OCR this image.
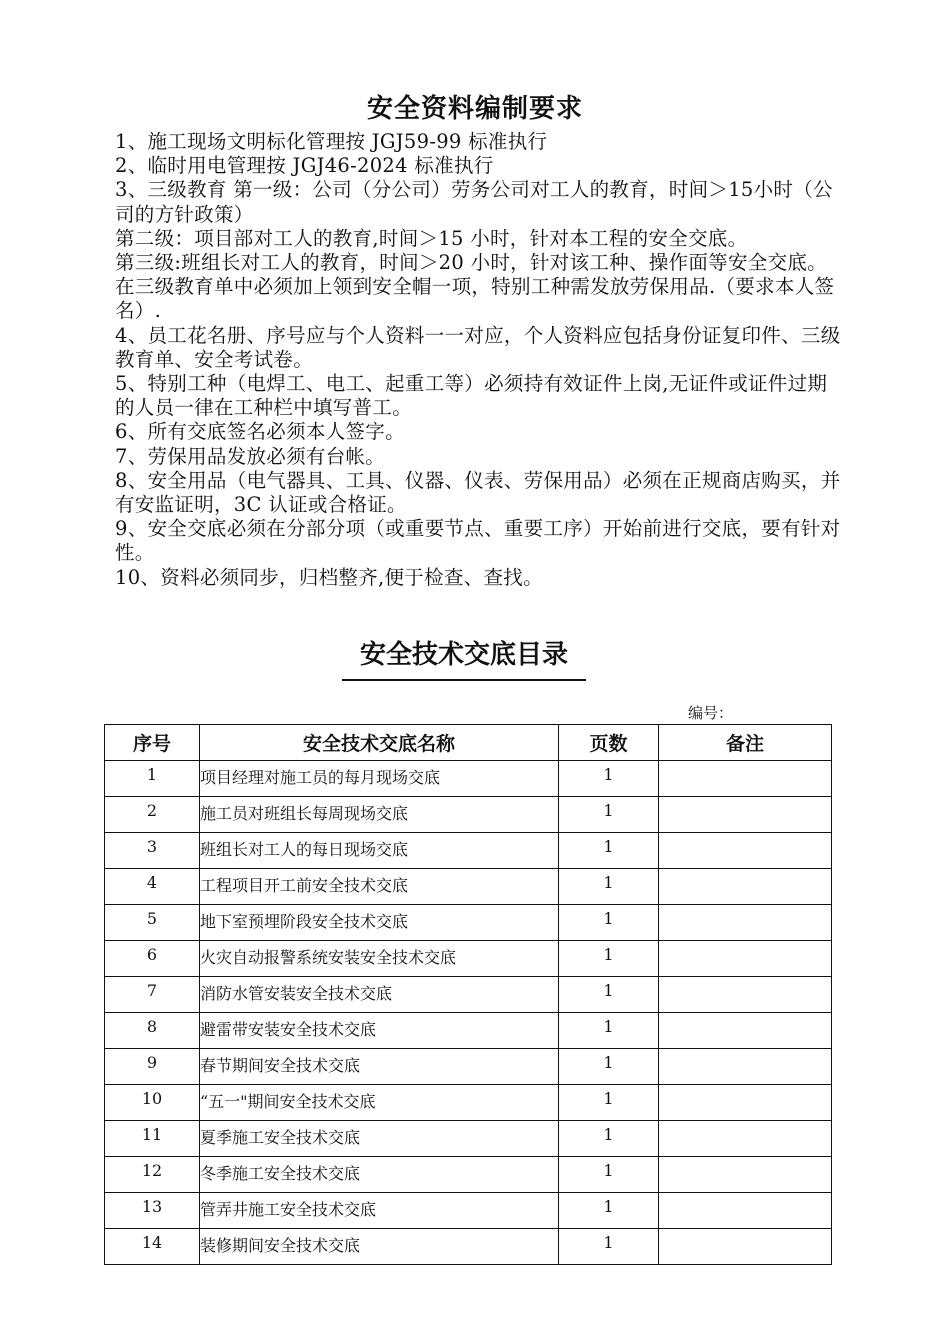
安全资料编制要求

1、施工现场文明标化管理按 JGJ59-99 标准执行

2、临时用电管理按 JGJ46-2024 标准执行

3、三级教育 第一级：公司（分公司）劳务公司对工人的教育，时间＞15小时（公司的方针政策）

第二级：项目部对工人的教育,时间＞15 小时，针对本工程的安全交底。

第三级:班组长对工人的教育，时间＞20 小时，针对该工种、操作面等安全交底。

在三级教育单中必须加上领到安全帽一项，特别工种需发放劳保用品.（要求本人签名）.

4、员工花名册、序号应与个人资料一一对应，个人资料应包括身份证复印件、三级教育单、安全考试卷。

5、特别工种（电焊工、电工、起重工等）必须持有效证件上岗,无证件或证件过期的人员一律在工种栏中填写普工。

6、所有交底签名必须本人签字。

7、劳保用品发放必须有台帐。

8、安全用品（电气器具、工具、仪器、仪表、劳保用品）必须在正规商店购买，并有安监证明，3C 认证或合格证。

9、安全交底必须在分部分项（或重要节点、重要工序）开始前进行交底，要有针对性。

10、资料必须同步，归档整齐,便于检查、查找。

安全技术交底目录
编号：
序号	安全技术交底名称	页数	备注
1	项目经理对施工员的每月现场交底	1	
2	施工员对班组长每周现场交底	1	
3	班组长对工人的每日现场交底	1	
4	工程项目开工前安全技术交底	1	
5	地下室预埋阶段安全技术交底	1	
6	火灾自动报警系统安装安全技术交底	1	
7	消防水管安装安全技术交底	1	
8	避雷带安装安全技术交底	1	
9	春节期间安全技术交底	1	
10	“五一"期间安全技术交底	1	
11	夏季施工安全技术交底	1	
12	冬季施工安全技术交底	1	
13	管弄井施工安全技术交底	1	
14	装修期间安全技术交底	1	
